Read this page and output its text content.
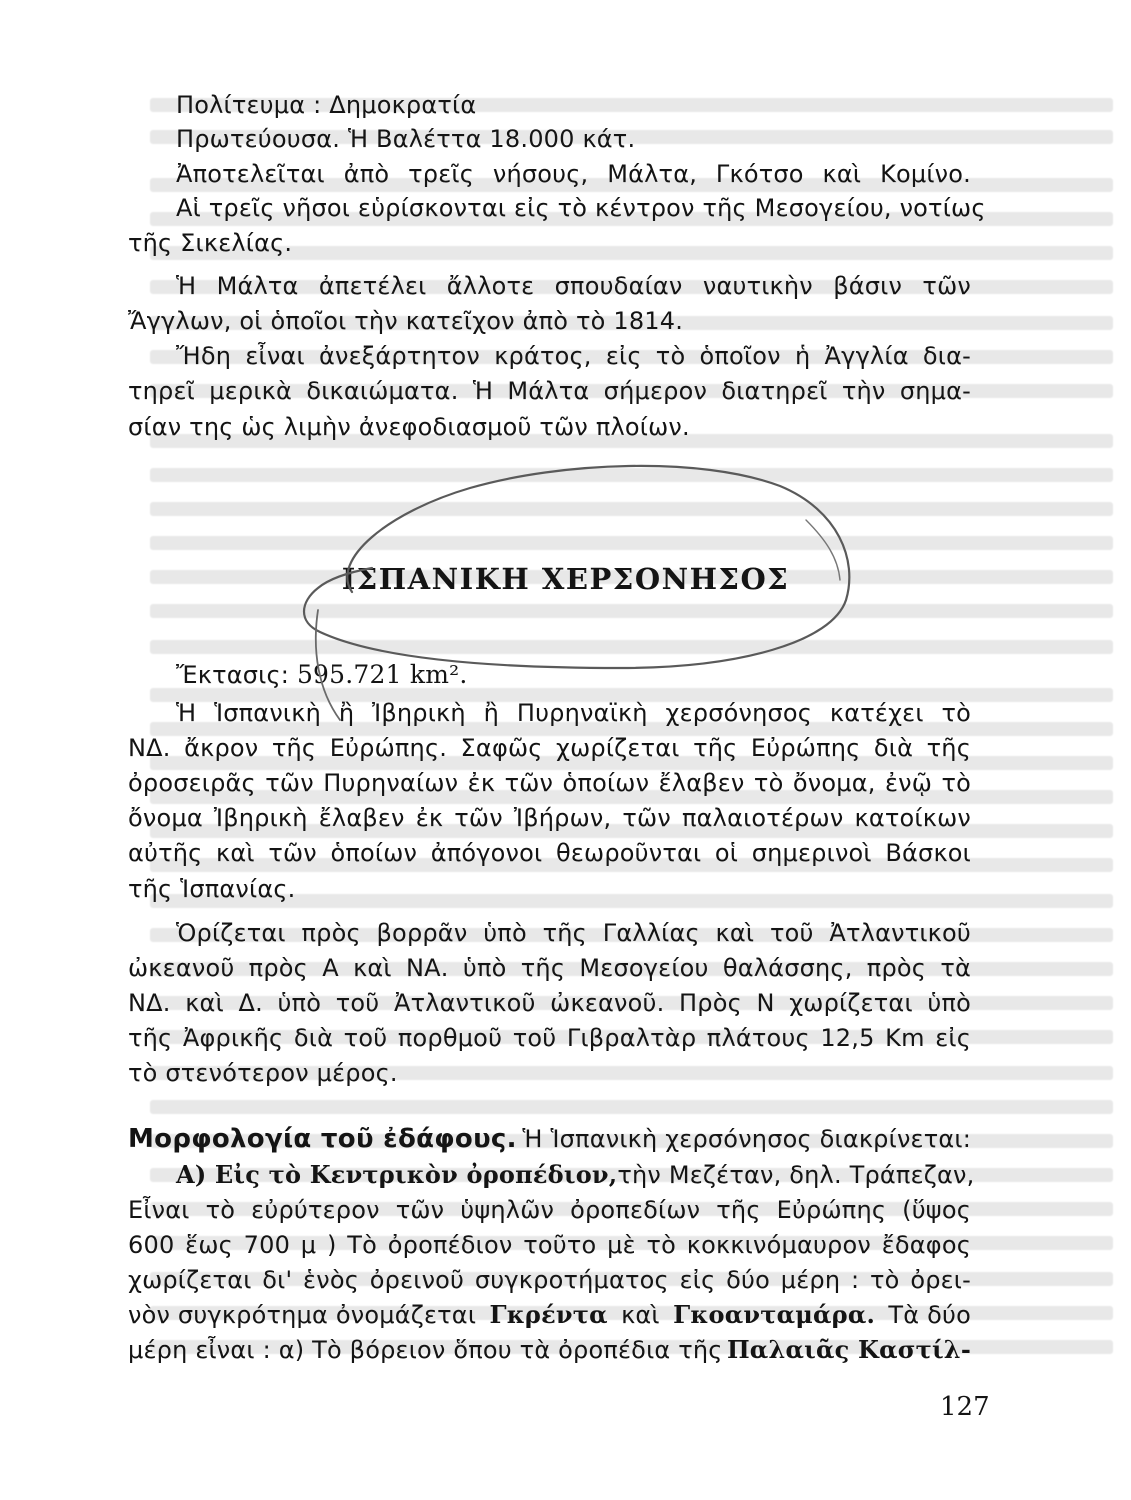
Πολίτευμα : Δημοκρατία
Πρωτεύουσα. Ἡ Βαλέττα 18.000 κάτ.
Ἀποτελεῖται ἀπὸ τρεῖς νήσους, Μάλτα, Γκότσο καὶ Κομίνο.
Αἱ τρεῖς νῆσοι εὑρίσκονται εἰς τὸ κέντρον τῆς Μεσογείου, νοτίως
τῆς Σικελίας.
Ἡ Μάλτα ἀπετέλει ἄλλοτε σπουδαίαν ναυτικὴν βάσιν τῶν
Ἄγγλων, οἱ ὁποῖοι τὴν κατεῖχον ἀπὸ τὸ 1814.
Ἤδη εἶναι ἀνεξάρτητον κράτος, εἰς τὸ ὁποῖον ἡ Ἀγγλία δια-
τηρεῖ μερικὰ δικαιώματα. Ἡ Μάλτα σήμερον διατηρεῖ τὴν σημα-
σίαν της ὡς λιμὴν ἀνεφοδιασμοῦ τῶν πλοίων.
ΙΣΠΑΝΙΚΗ ΧΕΡΣΟΝΗΣΟΣ
Ἔκτασις: 595.721 km².
Ἡ Ἱσπανικὴ ἢ Ἰβηρικὴ ἢ Πυρηναϊκὴ χερσόνησος κατέχει τὸ
ΝΔ. ἄκρον τῆς Εὐρώπης. Σαφῶς χωρίζεται τῆς Εὐρώπης διὰ τῆς
ὀροσειρᾶς τῶν Πυρηναίων ἐκ τῶν ὁποίων ἔλαβεν τὸ ὄνομα, ἐνῷ τὸ
ὄνομα Ἰβηρικὴ ἔλαβεν ἐκ τῶν Ἰβήρων, τῶν παλαιοτέρων κατοίκων
αὐτῆς καὶ τῶν ὁποίων ἀπόγονοι θεωροῦνται οἱ σημερινοὶ Βάσκοι
τῆς Ἱσπανίας.
Ὁρίζεται πρὸς βορρᾶν ὑπὸ τῆς Γαλλίας καὶ τοῦ Ἀτλαντικοῦ
ὠκεανοῦ πρὸς Α καὶ ΝΑ. ὑπὸ τῆς Μεσογείου θαλάσσης, πρὸς τὰ
ΝΔ. καὶ Δ. ὑπὸ τοῦ Ἀτλαντικοῦ ὠκεανοῦ. Πρὸς Ν χωρίζεται ὑπὸ
τῆς Ἀφρικῆς διὰ τοῦ πορθμοῦ τοῦ Γιβραλτὰρ πλάτους 12,5 Km εἰς
τὸ στενότερον μέρος.
Μορφολογία τοῦ ἐδάφους. Ἡ Ἱσπανικὴ χερσόνησος διακρίνεται:
Α) Εἰς τὸ Κεντρικὸν ὀροπέδιον, τὴν Μεζέταν, δηλ. Τράπεζαν,
Εἶναι τὸ εὐρύτερον τῶν ὑψηλῶν ὀροπεδίων τῆς Εὐρώπης (ὕψος
600 ἕως 700 μ ) Τὸ ὀροπέδιον τοῦτο μὲ τὸ κοκκινόμαυρον ἔδαφος
χωρίζεται δι' ἑνὸς ὀρεινοῦ συγκροτήματος εἰς δύο μέρη : τὸ ὀρει-
νὸν συγκρότημα ὀνομάζεται Γκρέντα καὶ Γκοανταμάρα. Τὰ δύο
μέρη εἶναι : α) Τὸ βόρειον ὅπου τὰ ὀροπέδια τῆς Παλαιᾶς Καστίλ-
127
